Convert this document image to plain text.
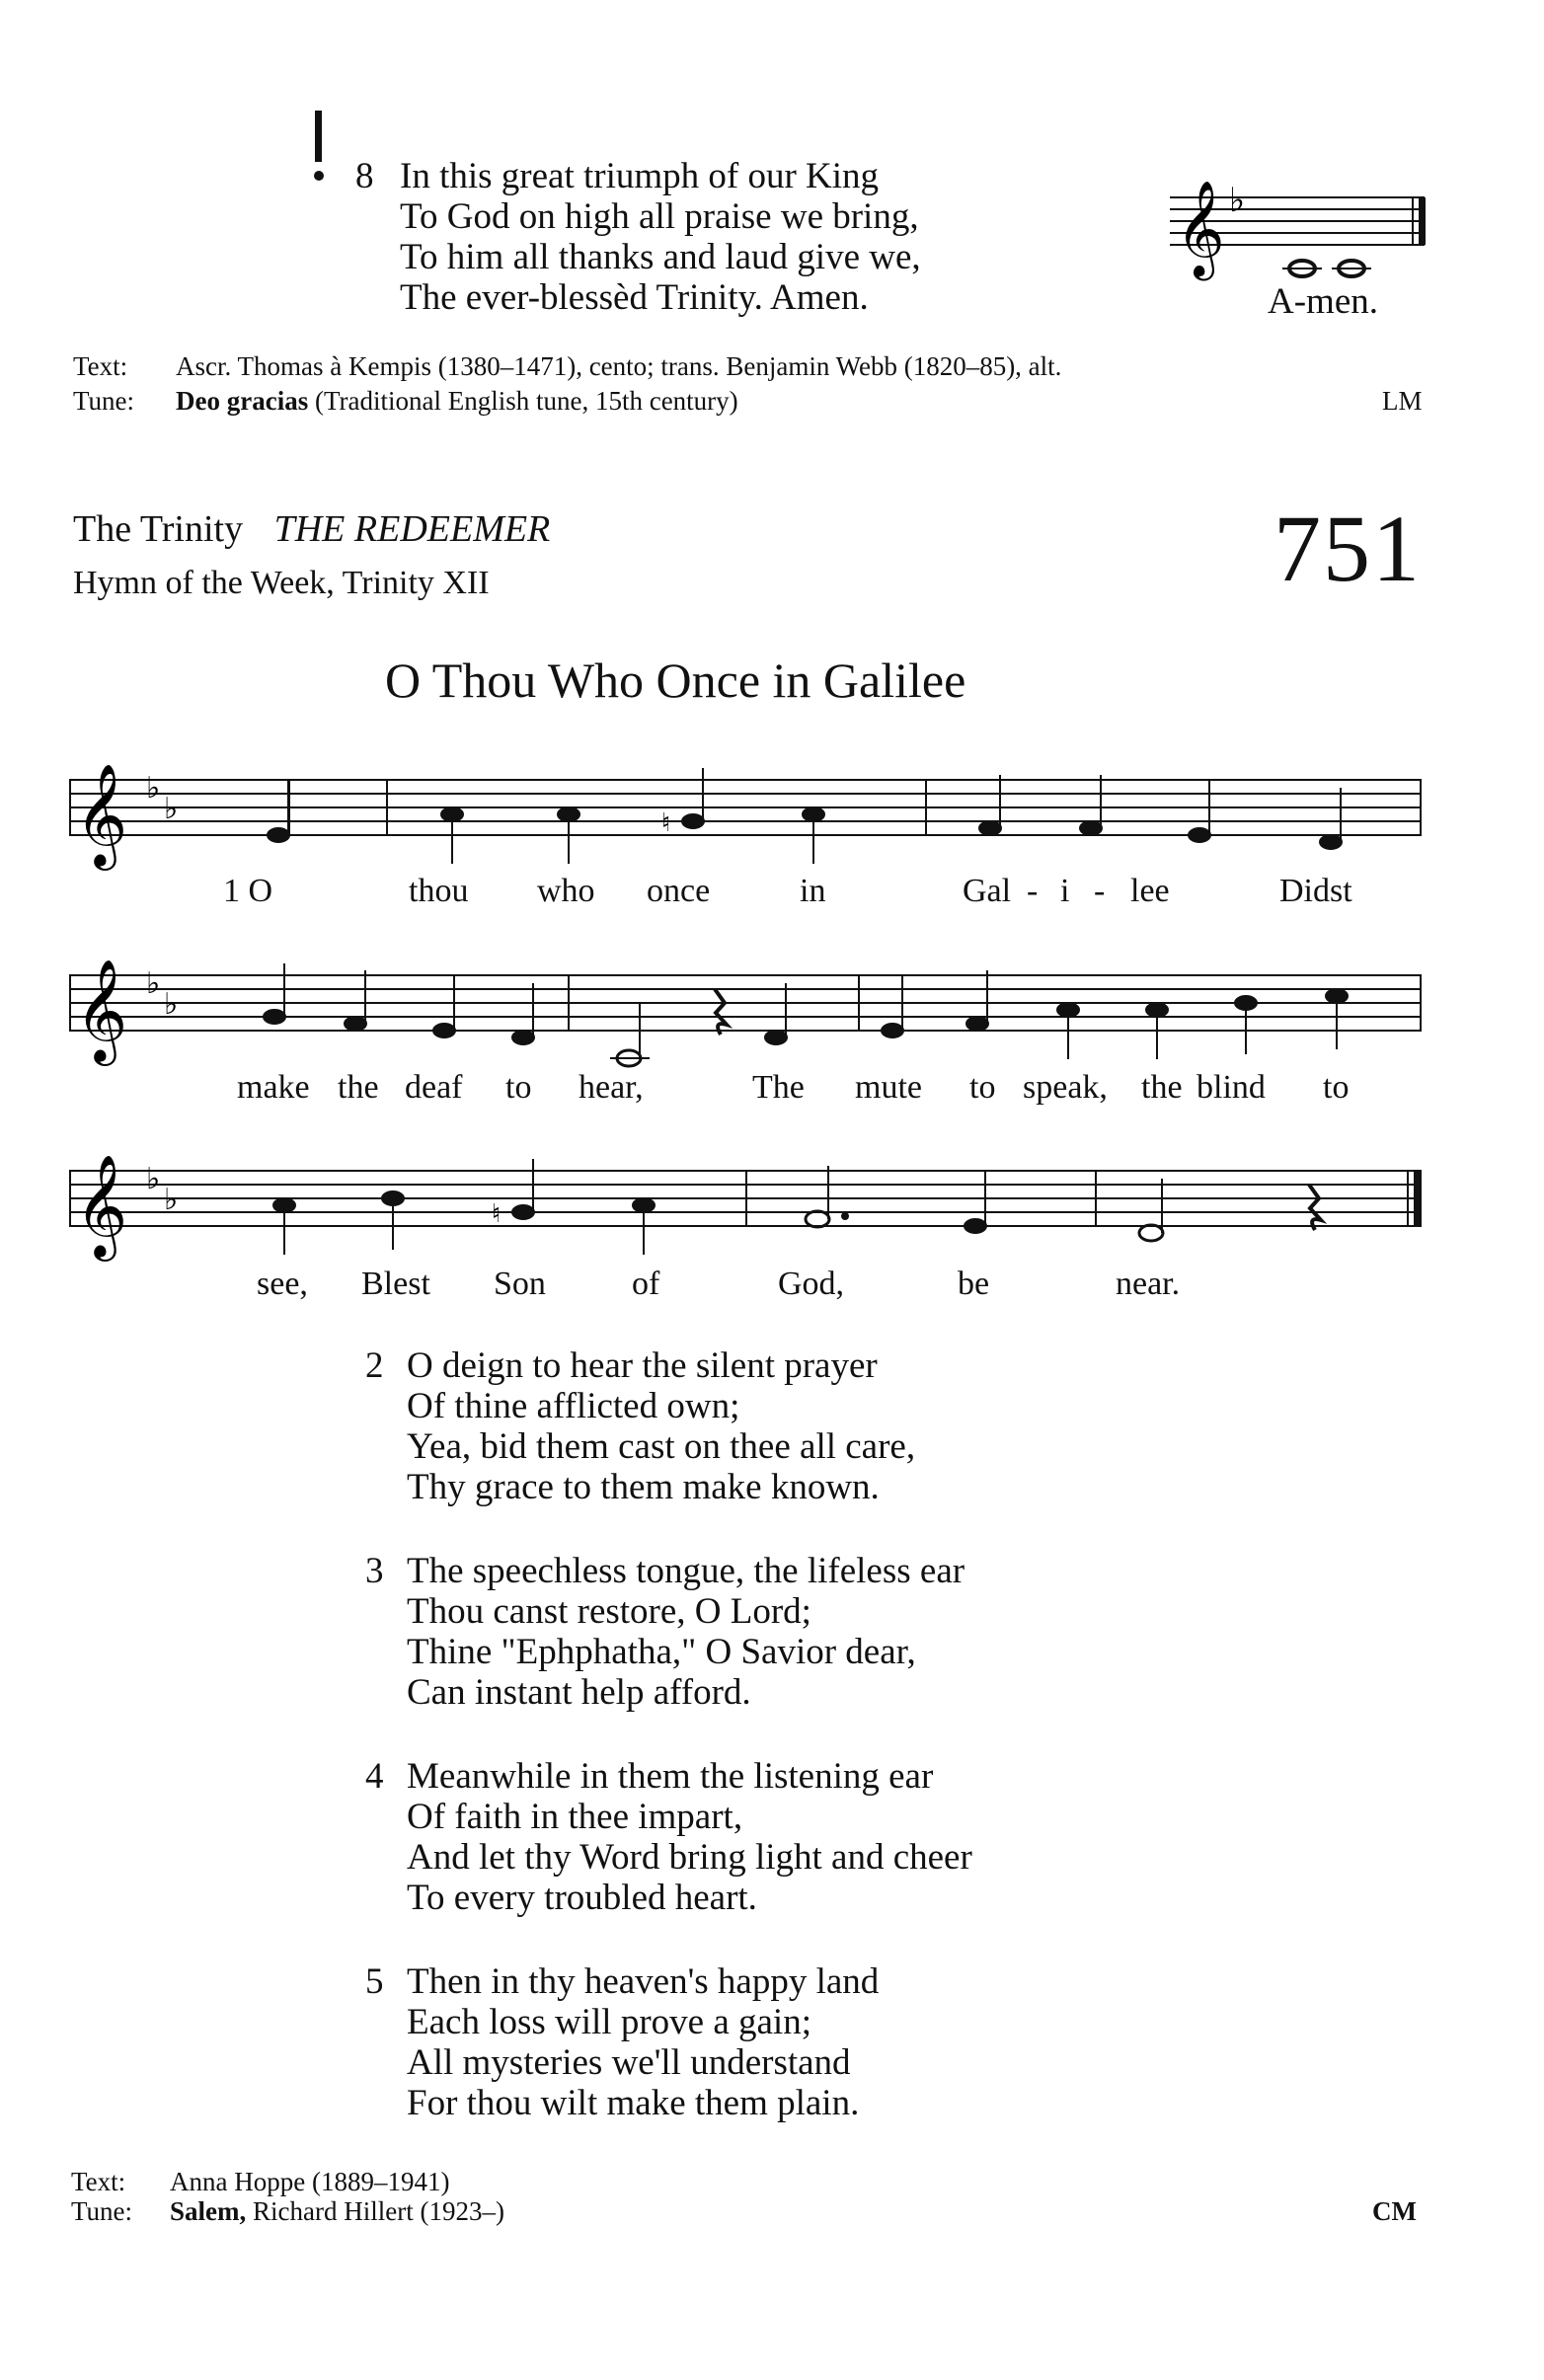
8 In this great triumph of our King
To God on high all praise we bring,
To him all thanks and laud give we,
The ever-blessèd Trinity. Amen.
𝄞 ♭
A-men.
Text: Ascr. Thomas à Kempis (1380–1471), cento; trans. Benjamin Webb (1820–85), alt.
Tune: Deo gracias (Traditional English tune, 15th century)	LM
The Trinity THE REDEEMER
Hymn of the Week, Trinity XII	751
O Thou Who Once in Galilee
𝄞 ♭
♭	♮
1 O	thou who once	in	Gal - i - lee	Didst
𝄞 ♭
♭
make the deaf to hear,	The mute to speak, the blind to
𝄞 ♭
♭	♮
see, Blest Son	of	God,	be	near.
2 O deign to hear the silent prayer
Of thine afflicted own;
Yea, bid them cast on thee all care,
Thy grace to them make known.
3 The speechless tongue, the lifeless ear
Thou canst restore, O Lord;
Thine "Ephphatha," O Savior dear,
Can instant help afford.
4 Meanwhile in them the listening ear
Of faith in thee impart,
And let thy Word bring light and cheer
To every troubled heart.
5 Then in thy heaven's happy land
Each loss will prove a gain;
All mysteries we'll understand
For thou wilt make them plain.
Text: Anna Hoppe (1889–1941)
Tune: Salem, Richard Hillert (1923–)	CM
